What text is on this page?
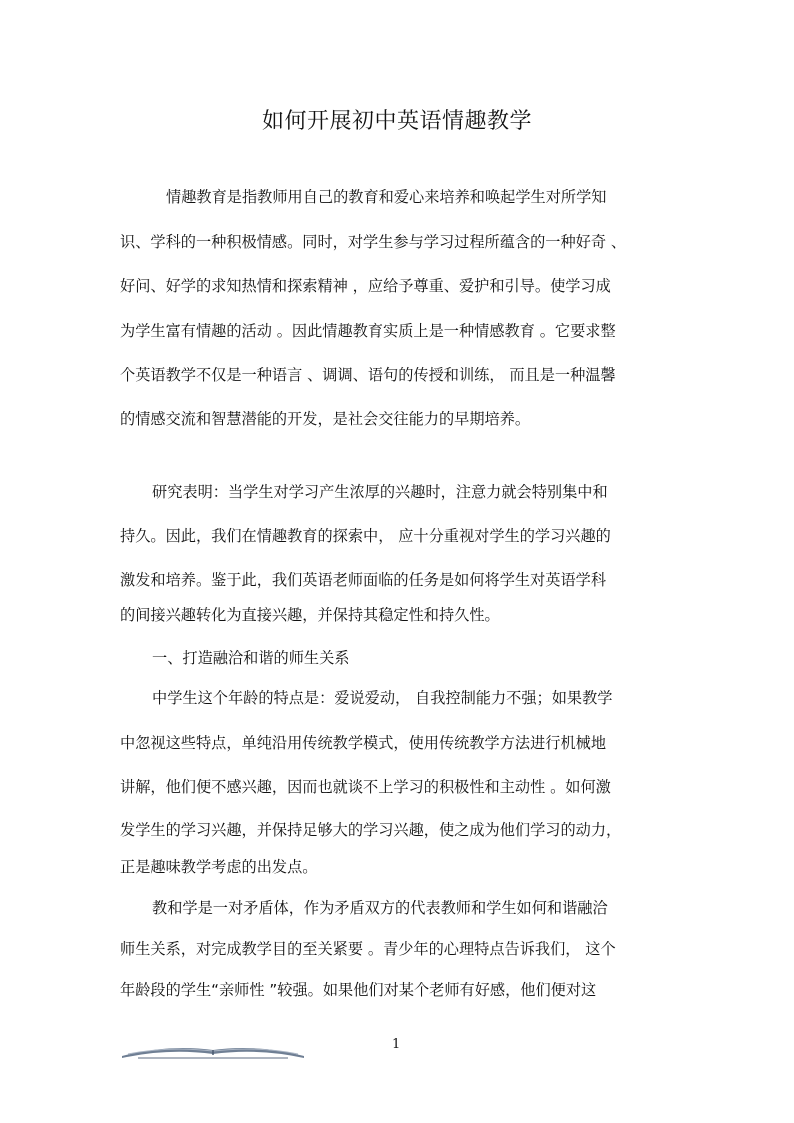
如何开展初中英语情趣教学
情趣教育是指教师用自己的教育和爱心来培养和唤起学生对所学知
识、学科的一种积极情感。同时，对学生参与学习过程所蕴含的一种好奇 、
好问、好学的求知热情和探索精神 ，应给予尊重、爱护和引导。使学习成
为学生富有情趣的活动 。因此情趣教育实质上是一种情感教育 。它要求整
个英语教学不仅是一种语言 、调调、语句的传授和训练， 而且是一种温馨
的情感交流和智慧潜能的开发，是社会交往能力的早期培养。
研究表明：当学生对学习产生浓厚的兴趣时，注意力就会特别集中和
持久。因此，我们在情趣教育的探索中， 应十分重视对学生的学习兴趣的
激发和培养。鉴于此，我们英语老师面临的任务是如何将学生对英语学科
的间接兴趣转化为直接兴趣，并保持其稳定性和持久性。
一、打造融洽和谐的师生关系
中学生这个年龄的特点是：爱说爱动， 自我控制能力不强；如果教学
中忽视这些特点，单纯沿用传统教学模式，使用传统教学方法进行机械地
讲解，他们便不感兴趣，因而也就谈不上学习的积极性和主动性 。如何激
发学生的学习兴趣，并保持足够大的学习兴趣，使之成为他们学习的动力，
正是趣味教学考虑的出发点。
教和学是一对矛盾体，作为矛盾双方的代表教师和学生如何和谐融洽
师生关系，对完成教学目的至关紧要 。青少年的心理特点告诉我们， 这个
年龄段的学生“亲师性 ”较强。如果他们对某个老师有好感，他们便对这
1
